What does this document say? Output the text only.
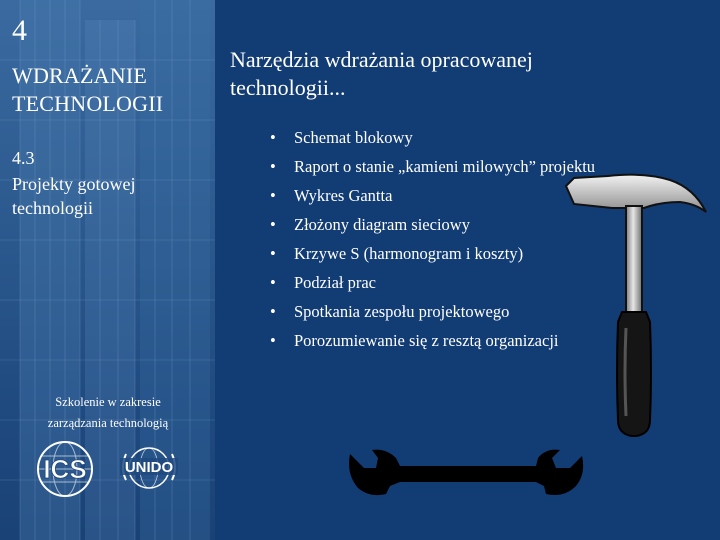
4
WDRAŻANIE
TECHNOLOGII
4.3
Projekty gotowej technologii
Szkolenie w zakresie
zarządzania technologią
ICS	UNIDO
Narzędzia wdrażania opracowanej technologii...
• Schemat blokowy
• Raport o stanie „kamieni milowych” projektu
• Wykres Gantta
• Złożony diagram sieciowy
• Krzywe S (harmonogram i koszty)
• Podział prac
• Spotkania zespołu projektowego
• Porozumiewanie się z resztą organizacji
